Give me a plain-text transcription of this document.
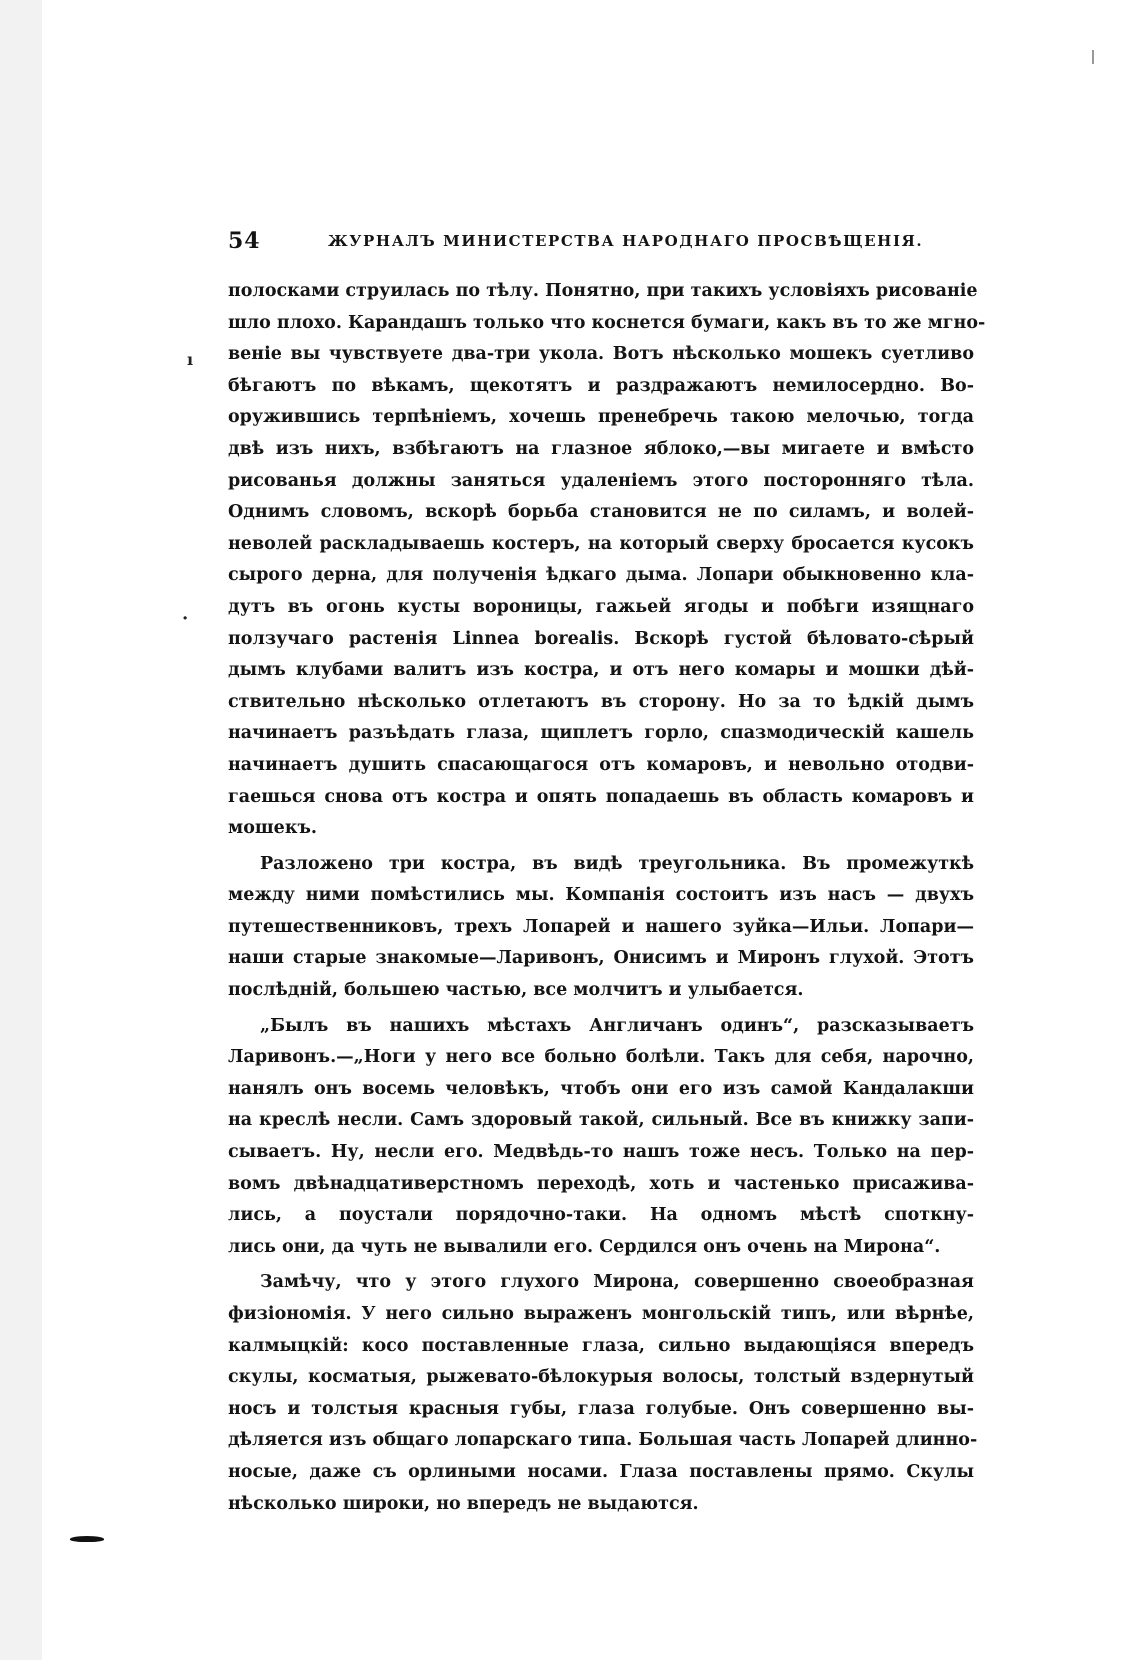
54	ЖУРНАЛЪ МИНИСТЕРСТВА НАРОДНАГО ПРОСВѢЩЕНІЯ.
ı
·
полосками струилась по тѣлу. Понятно, при такихъ условіяхъ рисованіе
шло плохо. Карандашъ только что коснется бумаги, какъ въ то же мгно-
веніе вы чувствуете два-три укола. Вотъ нѣсколько мошекъ суетливо
бѣгаютъ по вѣкамъ, щекотятъ и раздражаютъ немилосердно. Во-
оружившись терпѣніемъ, хочешь пренебречь такою мелочью, тогда
двѣ изъ нихъ, взбѣгаютъ на глазное яблоко,—вы мигаете и вмѣсто
рисованья должны заняться удаленіемъ этого посторонняго тѣла.
Однимъ словомъ, вскорѣ борьба становится не по силамъ, и волей-
неволей раскладываешь костеръ, на который сверху бросается кусокъ
сырого дерна, для полученія ѣдкаго дыма. Лопари обыкновенно кла-
дутъ въ огонь кусты вороницы, гажьей ягоды и побѣги изящнаго
ползучаго растенія Linnea borealis. Вскорѣ густой бѣловато-сѣрый
дымъ клубами валитъ изъ костра, и отъ него комары и мошки дѣй-
ствительно нѣсколько отлетаютъ въ сторону. Но за то ѣдкій дымъ
начинаетъ разъѣдать глаза, щиплетъ горло, спазмодическій кашель
начинаетъ душить спасающагося отъ комаровъ, и невольно отодви-
гаешься снова отъ костра и опять попадаешь въ область комаровъ и
мошекъ.
Разложено три костра, въ видѣ треугольника. Въ промежуткѣ
между ними помѣстились мы. Компанія состоитъ изъ насъ — двухъ
путешественниковъ, трехъ Лопарей и нашего зуйка—Ильи. Лопари—
наши старые знакомые—Ларивонъ, Онисимъ и Миронъ глухой. Этотъ
послѣдній, большею частью, все молчитъ и улыбается.
„Былъ въ нашихъ мѣстахъ Англичанъ одинъ“, разсказываетъ
Ларивонъ.—„Ноги у него все больно болѣли. Такъ для себя, нарочно,
нанялъ онъ восемь человѣкъ, чтобъ они его изъ самой Кандалакши
на креслѣ несли. Самъ здоровый такой, сильный. Все въ книжку запи-
сываетъ. Ну, несли его. Медвѣдь-то нашъ тоже несъ. Только на пер-
вомъ двѣнадцативерстномъ переходѣ, хоть и частенько присажива-
лись, а поустали порядочно-таки. На одномъ мѣстѣ споткну-
лись они, да чуть не вывалили его. Сердился онъ очень на Мирона“.
Замѣчу, что у этого глухого Мирона, совершенно своеобразная
физіономія. У него сильно выраженъ монгольскій типъ, или вѣрнѣе,
калмыцкій: косо поставленные глаза, сильно выдающіяся впередъ
скулы, косматыя, рыжевато-бѣлокурыя волосы, толстый вздернутый
носъ и толстыя красныя губы, глаза голубые. Онъ совершенно вы-
дѣляется изъ общаго лопарскаго типа. Большая часть Лопарей длинно-
носые, даже съ орлиными носами. Глаза поставлены прямо. Скулы
нѣсколько широки, но впередъ не выдаются.
